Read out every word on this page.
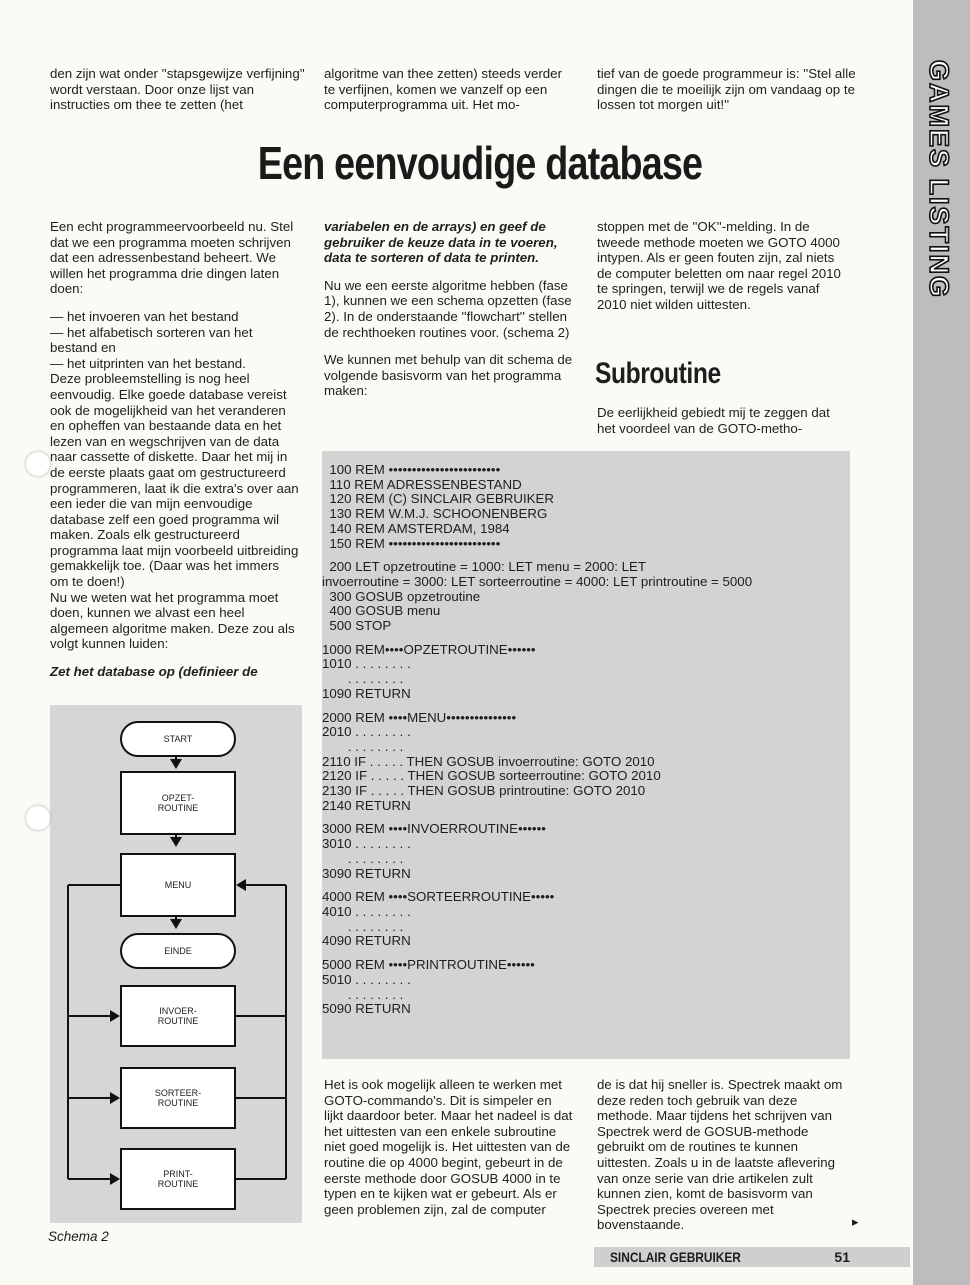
den zijn wat onder ''stapsgewijze verfijning'' wordt verstaan. Door onze lijst van instructies om thee te zetten (het

algoritme van thee zetten) steeds verder te verfijnen, komen we vanzelf op een computerprogramma uit. Het mo-

tief van de goede programmeur is: ''Stel alle dingen die te moeilijk zijn om vandaag op te lossen tot morgen uit!''

Een eenvoudige database

Een echt programmeervoorbeeld nu. Stel dat we een programma moeten schrijven dat een adressenbestand beheert. We willen het programma drie dingen laten doen:

— het invoeren van het bestand
— het alfabetisch sorteren van het bestand en
— het uitprinten van het bestand.

Deze probleemstelling is nog heel eenvoudig. Elke goede database vereist ook de mogelijkheid van het veranderen en opheffen van bestaande data en het lezen van en wegschrijven van de data naar cassette of diskette. Daar het mij in de eerste plaats gaat om gestructureerd programmeren, laat ik die extra's over aan een ieder die van mijn eenvoudige database zelf een goed programma wil maken. Zoals elk gestructureerd programma laat mijn voorbeeld uitbreiding gemakkelijk toe. (Daar was het immers om te doen!)

Nu we weten wat het programma moet doen, kunnen we alvast een heel algemeen algoritme maken. Deze zou als volgt kunnen luiden:

Zet het database op (definieer de

variabelen en de arrays) en geef de gebruiker de keuze data in te voeren, data te sorteren of data te printen.

Nu we een eerste algoritme hebben (fase 1), kunnen we een schema opzetten (fase 2). In de onderstaande ''flowchart'' stellen de rechthoeken routines voor. (schema 2)

We kunnen met behulp van dit schema de volgende basisvorm van het programma maken:

stoppen met de ''OK''-melding. In de tweede methode moeten we GOTO 4000 intypen. Als er geen fouten zijn, zal niets de computer beletten om naar regel 2010 te springen, terwijl we de regels vanaf 2010 niet wilden uittesten.

Subroutine

De eerlijkheid gebiedt mij te zeggen dat het voordeel van de GOTO-metho-

100 REM ••••••••••••••••••••••••
110 REM ADRESSENBESTAND
120 REM (C) SINCLAIR GEBRUIKER
130 REM W.M.J. SCHOONENBERG
140 REM AMSTERDAM, 1984
150 REM ••••••••••••••••••••••••
200 LET opzetroutine = 1000: LET menu = 2000: LET
invoerroutine = 3000: LET sorteerroutine = 4000: LET printroutine = 5000
300 GOSUB opzetroutine
400 GOSUB menu
500 STOP
1000 REM••••OPZETROUTINE••••••
1010 . . . . . . . .
. . . . . . . .
1090 RETURN
2000 REM ••••MENU•••••••••••••••
2010 . . . . . . . .
. . . . . . . .
2110 IF . . . . . THEN GOSUB invoerroutine: GOTO 2010
2120 IF . . . . . THEN GOSUB sorteerroutine: GOTO 2010
2130 IF . . . . . THEN GOSUB printroutine: GOTO 2010
2140 RETURN
3000 REM ••••INVOERROUTINE••••••
3010 . . . . . . . .
. . . . . . . .
3090 RETURN
4000 REM ••••SORTEERROUTINE•••••
4010 . . . . . . . .
. . . . . . . .
4090 RETURN
5000 REM ••••PRINTROUTINE••••••
5010 . . . . . . . .
. . . . . . . .
5090 RETURN
START
OPZET-
ROUTINE
MENU
EINDE
INVOER-
ROUTINE
SORTEER-
ROUTINE
PRINT-
ROUTINE
Schema 2

Het is ook mogelijk alleen te werken met GOTO-commando's. Dit is simpeler en lijkt daardoor beter. Maar het nadeel is dat het uittesten van een enkele subroutine niet goed mogelijk is. Het uittesten van de routine die op 4000 begint, gebeurt in de eerste methode door GOSUB 4000 in te typen en te kijken wat er gebeurt. Als er geen problemen zijn, zal de computer

de is dat hij sneller is. Spectrek maakt om deze reden toch gebruik van deze methode. Maar tijdens het schrijven van Spectrek werd de GOSUB-methode gebruikt om de routines te kunnen uittesten. Zoals u in de laatste aflevering van onze serie van drie artikelen zult kunnen zien, komt de basisvorm van Spectrek precies overeen met bovenstaande.	▸
GAMES LISTING
SINCLAIR GEBRUIKER	51
